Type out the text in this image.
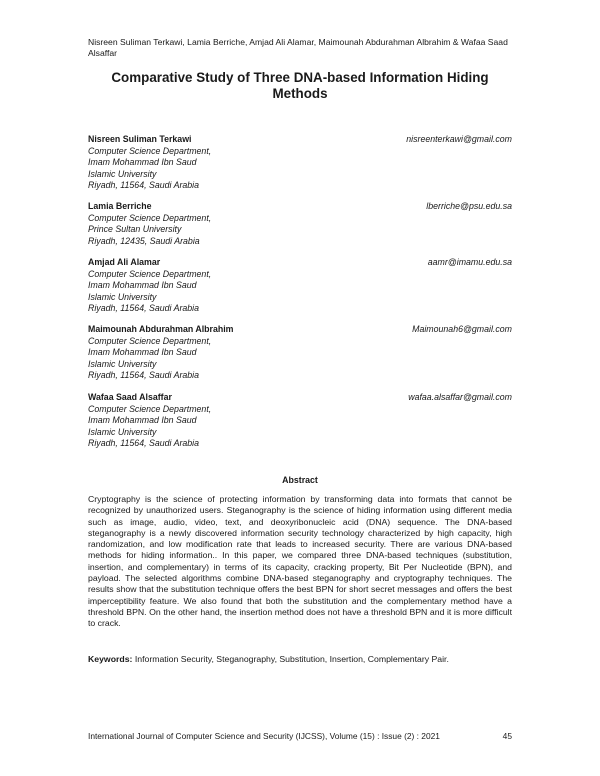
Nisreen Suliman Terkawi, Lamia Berriche, Amjad Ali Alamar, Maimounah Abdurahman Albrahim & Wafaa Saad Alsaffar
Comparative Study of Three DNA-based Information Hiding Methods
Nisreen Suliman Terkawi	nisreenterkawi@gmail.com
Computer Science Department,
Imam Mohammad Ibn Saud
Islamic University
Riyadh, 11564, Saudi Arabia
Lamia Berriche	lberriche@psu.edu.sa
Computer Science Department,
Prince Sultan University
Riyadh, 12435, Saudi Arabia
Amjad Ali Alamar	aamr@imamu.edu.sa
Computer Science Department,
Imam Mohammad Ibn Saud
Islamic University
Riyadh, 11564, Saudi Arabia
Maimounah Abdurahman Albrahim	Maimounah6@gmail.com
Computer Science Department,
Imam Mohammad Ibn Saud
Islamic University
Riyadh, 11564, Saudi Arabia
Wafaa Saad Alsaffar	wafaa.alsaffar@gmail.com
Computer Science Department,
Imam Mohammad Ibn Saud
Islamic University
Riyadh, 11564, Saudi Arabia
Abstract
Cryptography is the science of protecting information by transforming data into formats that cannot be recognized by unauthorized users. Steganography is the science of hiding information using different media such as image, audio, video, text, and deoxyribonucleic acid (DNA) sequence. The DNA-based steganography is a newly discovered information security technology characterized by high capacity, high randomization, and low modification rate that leads to increased security. There are various DNA-based methods for hiding information.. In this paper, we compared three DNA-based techniques (substitution, insertion, and complementary) in terms of its capacity, cracking property, Bit Per Nucleotide (BPN), and payload. The selected algorithms combine DNA-based steganography and cryptography techniques. The results show that the substitution technique offers the best BPN for short secret messages and offers the best imperceptibility feature. We also found that both the substitution and the complementary method have a threshold BPN. On the other hand, the insertion method does not have a threshold BPN and it is more difficult to crack.
Keywords: Information Security, Steganography, Substitution, Insertion, Complementary Pair.
International Journal of Computer Science and Security (IJCSS), Volume (15) : Issue (2) : 2021	45
